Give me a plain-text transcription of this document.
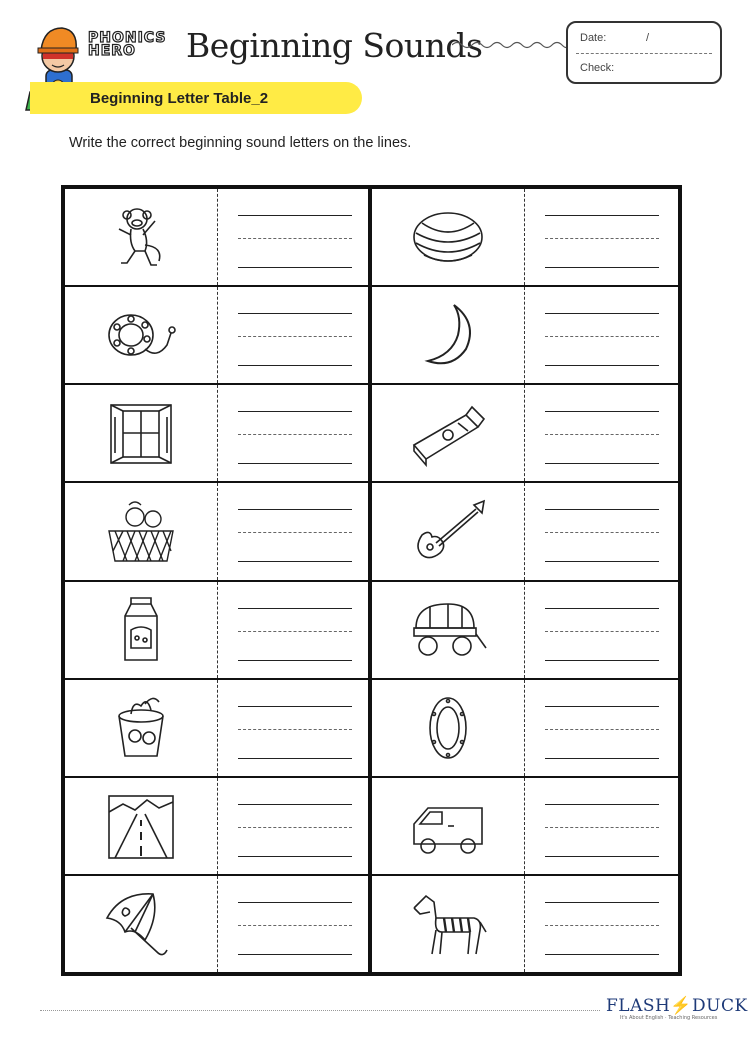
PHONICS
HERO	Beginning Sounds	Date:	/
Check:
Beginning Letter Table_2
Write the correct beginning sound letters on the lines.
FLASH⚡DUCK
It's About English · Teaching Resources
